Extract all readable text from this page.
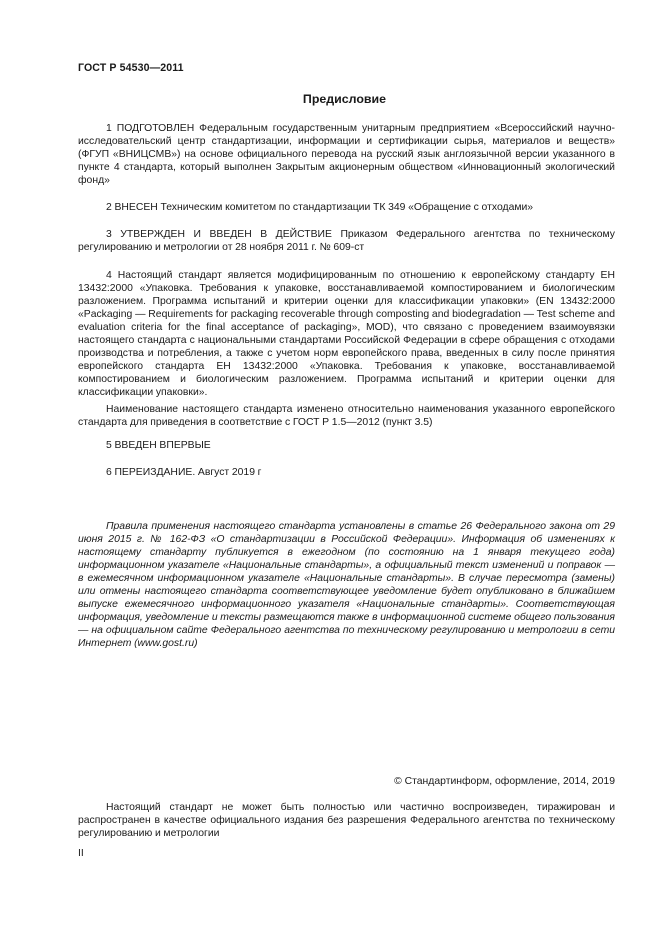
ГОСТ Р 54530—2011
Предисловие

1 ПОДГОТОВЛЕН Федеральным государственным унитарным предприятием «Всероссийский научно-исследовательский центр стандартизации, информации и сертификации сырья, материалов и веществ» (ФГУП «ВНИЦСМВ») на основе официального перевода на русский язык англоязычной версии указанного в пункте 4 стандарта, который выполнен Закрытым акционерным обществом «Инновационный экологический фонд»

2 ВНЕСЕН Техническим комитетом по стандартизации ТК 349 «Обращение с отходами»

3 УТВЕРЖДЕН И ВВЕДЕН В ДЕЙСТВИЕ Приказом Федерального агентства по техническому регулированию и метрологии от 28 ноября 2011 г. № 609-ст

4 Настоящий стандарт является модифицированным по отношению к европейскому стандарту ЕН 13432:2000 «Упаковка. Требования к упаковке, восстанавливаемой компостированием и биологическим разложением. Программа испытаний и критерии оценки для классификации упаковки» (EN 13432:2000 «Packaging — Requirements for packaging recoverable through composting and biodegradation — Test scheme and evaluation criteria for the final acceptance of packaging», MOD), что связано с проведением взаимоувязки настоящего стандарта с национальными стандартами Российской Федерации в сфере обращения с отходами производства и потребления, а также с учетом норм европейского права, введенных в силу после принятия европейского стандарта ЕН 13432:2000 «Упаковка. Требования к упаковке, восстанавливаемой компостированием и биологическим разложением. Программа испытаний и критерии оценки для классификации упаковки».

Наименование настоящего стандарта изменено относительно наименования указанного европейского стандарта для приведения в соответствие с ГОСТ Р 1.5—2012 (пункт 3.5)

5 ВВЕДЕН ВПЕРВЫЕ

6 ПЕРЕИЗДАНИЕ. Август 2019 г

Правила применения настоящего стандарта установлены в статье 26 Федерального закона от 29 июня 2015 г. № 162-ФЗ «О стандартизации в Российской Федерации». Информация об изменениях к настоящему стандарту публикуется в ежегодном (по состоянию на 1 января текущего года) информационном указателе «Национальные стандарты», а официальный текст изменений и поправок — в ежемесячном информационном указателе «Национальные стандарты». В случае пересмотра (замены) или отмены настоящего стандарта соответствующее уведомление будет опубликовано в ближайшем выпуске ежемесячного информационного указателя «Национальные стандарты». Соответствующая информация, уведомление и тексты размещаются также в информационной системе общего пользования — на официальном сайте Федерального агентства по техническому регулированию и метрологии в сети Интернет (www.gost.ru)

© Стандартинформ, оформление, 2014, 2019

Настоящий стандарт не может быть полностью или частично воспроизведен, тиражирован и распространен в качестве официального издания без разрешения Федерального агентства по техническому регулированию и метрологии

II
